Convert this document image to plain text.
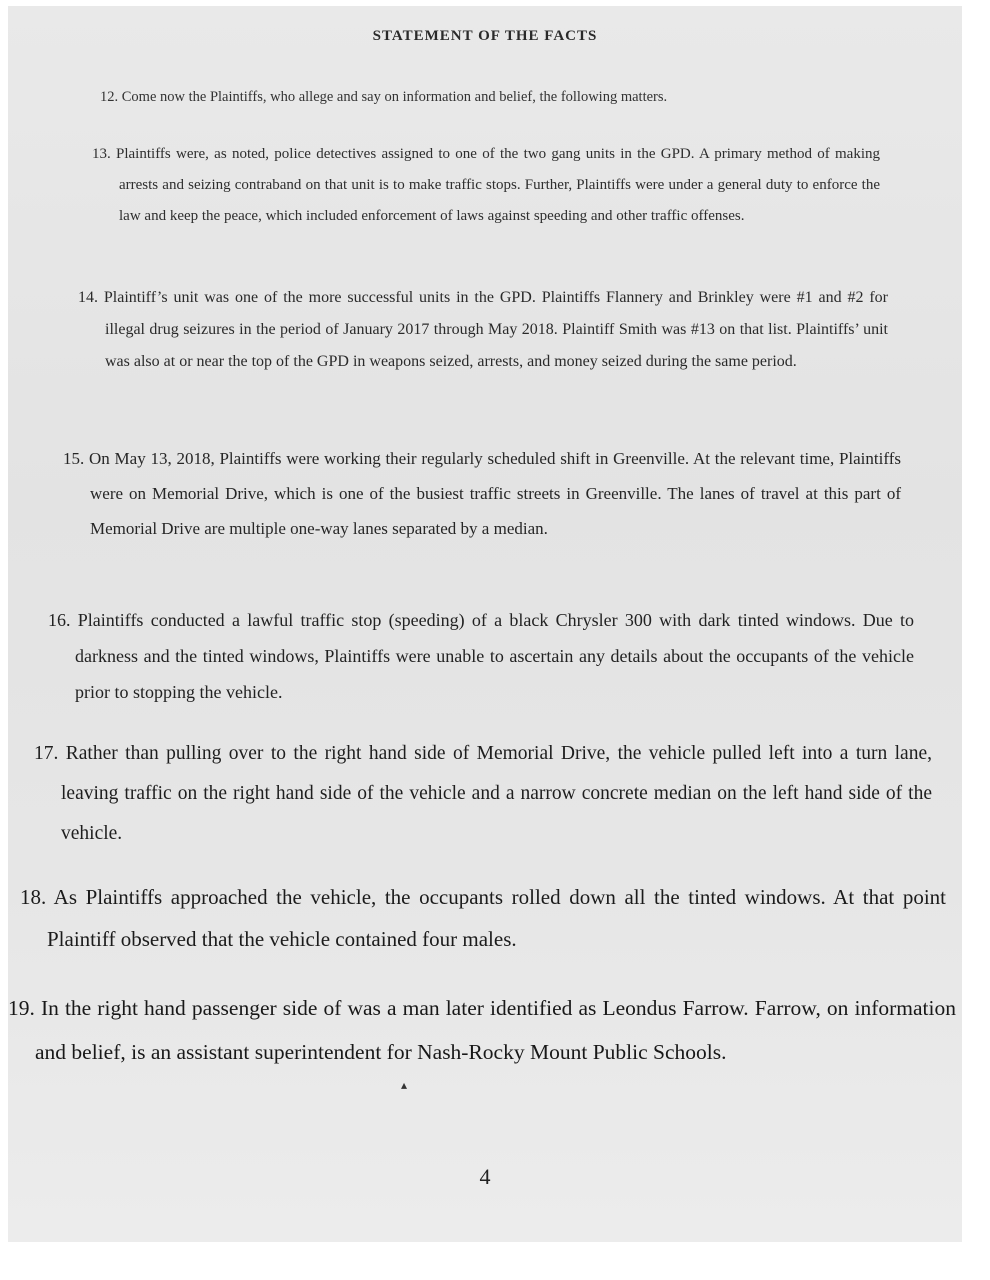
STATEMENT OF THE FACTS

12. Come now the Plaintiffs, who allege and say on information and belief, the following matters.

13. Plaintiffs were, as noted, police detectives assigned to one of the two gang units in the GPD. A primary method of making arrests and seizing contraband on that unit is to make traffic stops. Further, Plaintiffs were under a general duty to enforce the law and keep the peace, which included enforcement of laws against speeding and other traffic offenses.

14. Plaintiff’s unit was one of the more successful units in the GPD. Plaintiffs Flannery and Brinkley were #1 and #2 for illegal drug seizures in the period of January 2017 through May 2018. Plaintiff Smith was #13 on that list. Plaintiffs’ unit was also at or near the top of the GPD in weapons seized, arrests, and money seized during the same period.

15. On May 13, 2018, Plaintiffs were working their regularly scheduled shift in Greenville. At the relevant time, Plaintiffs were on Memorial Drive, which is one of the busiest traffic streets in Greenville. The lanes of travel at this part of Memorial Drive are multiple one-way lanes separated by a median.

16. Plaintiffs conducted a lawful traffic stop (speeding) of a black Chrysler 300 with dark tinted windows. Due to darkness and the tinted windows, Plaintiffs were unable to ascertain any details about the occupants of the vehicle prior to stopping the vehicle.

17. Rather than pulling over to the right hand side of Memorial Drive, the vehicle pulled left into a turn lane, leaving traffic on the right hand side of the vehicle and a narrow concrete median on the left hand side of the vehicle.

18. As Plaintiffs approached the vehicle, the occupants rolled down all the tinted windows. At that point Plaintiff observed that the vehicle contained four males.

19. In the right hand passenger side of was a man later identified as Leondus Farrow. Farrow, on information and belief, is an assistant superintendent for Nash-Rocky Mount Public Schools.

▴
4
